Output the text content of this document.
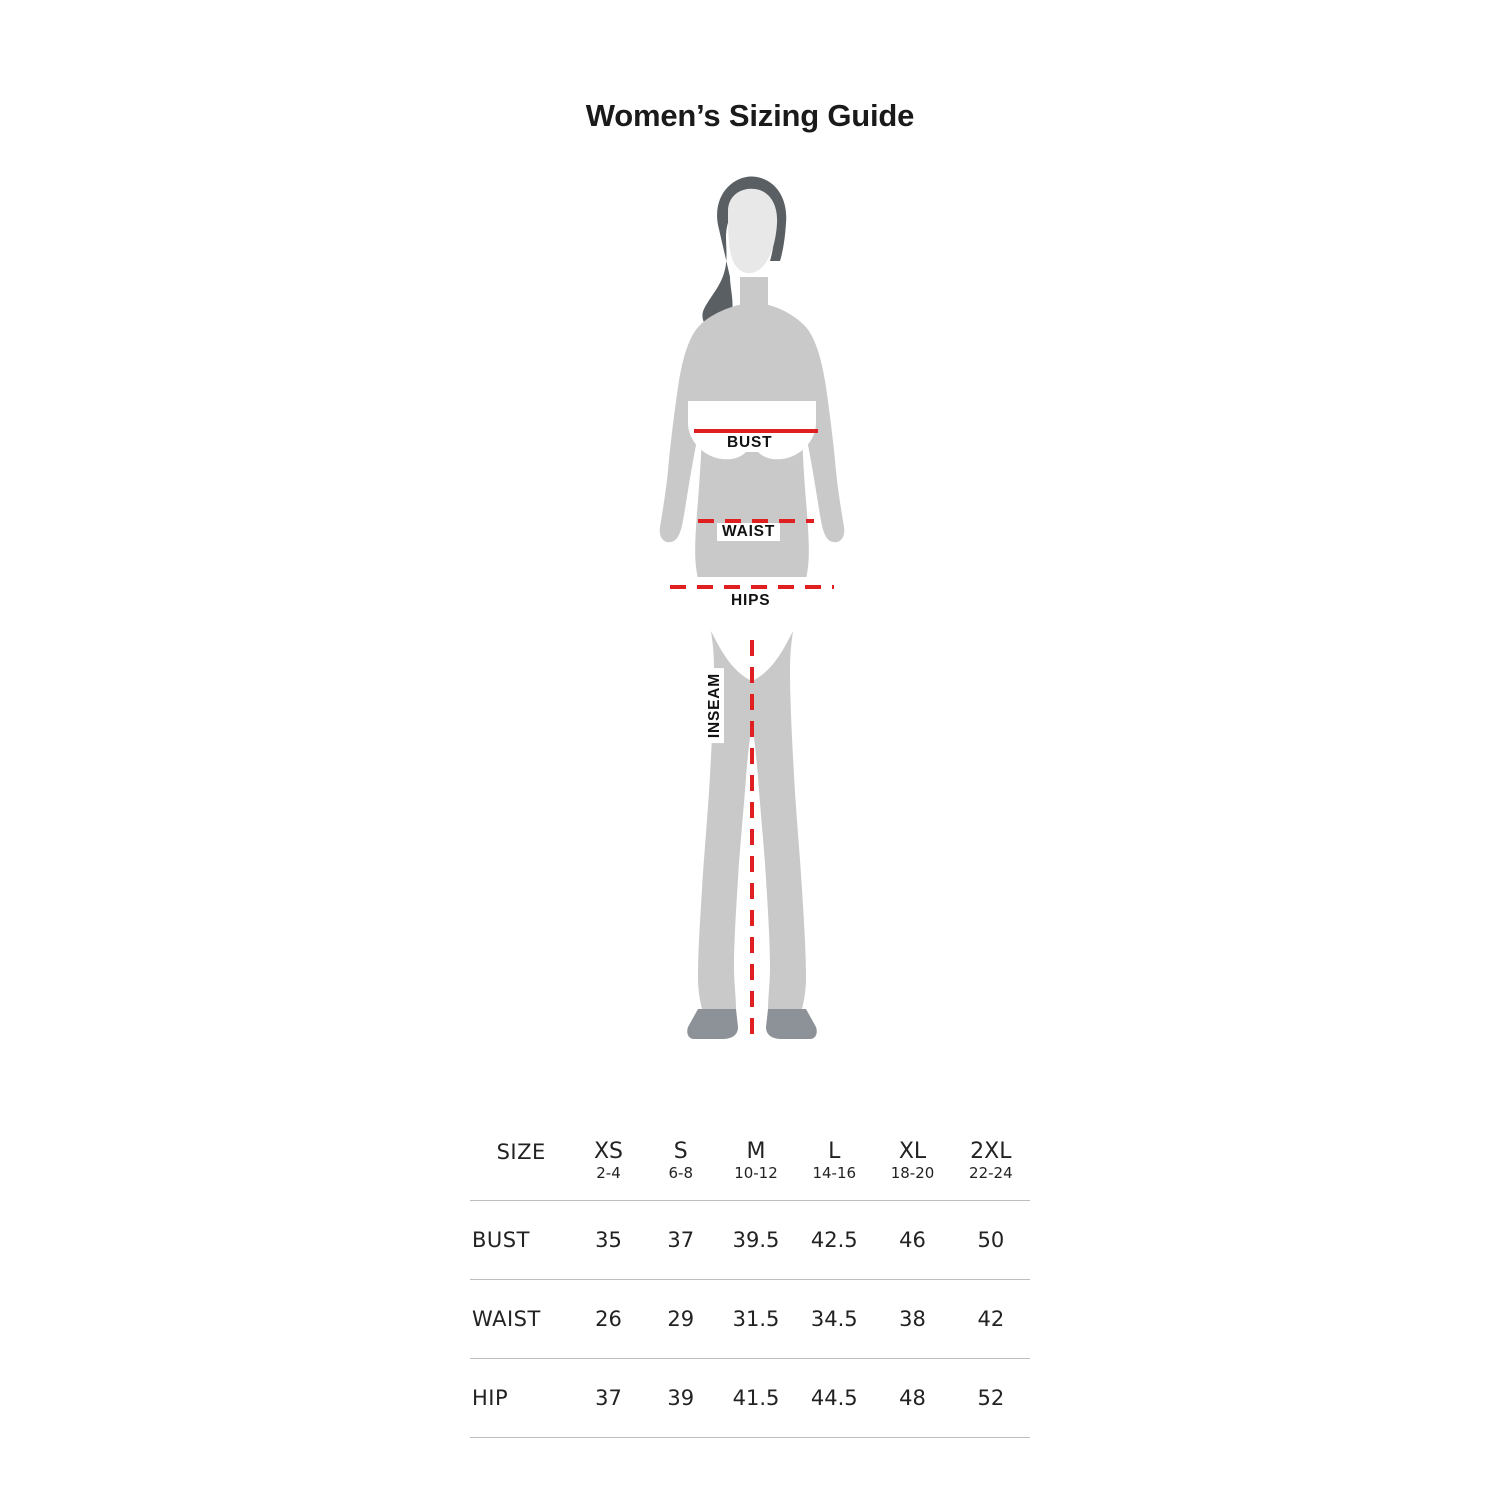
Women’s Sizing Guide
BUST
WAIST
HIPS
INSEAM
SIZE	XS	S	M	L	XL	2XL
	2-4	6-8	10-12	14-16	18-20	22-24
BUST	35	37	39.5	42.5	46	50
WAIST	26	29	31.5	34.5	38	42
HIP	37	39	41.5	44.5	48	52
